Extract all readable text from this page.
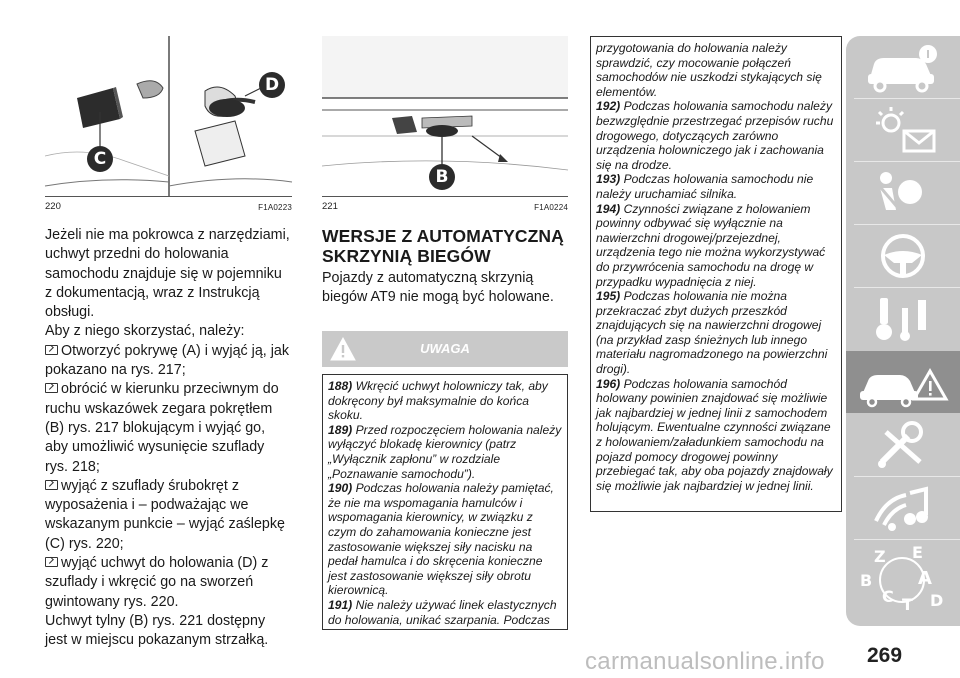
C
D
220	F1A0223
B
221	F1A0224

Jeżeli nie ma pokrowca z narzędziami, uchwyt przedni do holowania samochodu znajduje się w pojemniku z dokumentacją, wraz z Instrukcją obsługi.

Aby z niego skorzystać, należy:

Otworzyć pokrywę (A) i wyjąć ją, jak pokazano na rys. 217;

obrócić w kierunku przeciwnym do ruchu wskazówek zegara pokrętłem (B) rys. 217 blokującym i wyjąć go, aby umożliwić wysunięcie szuflady rys. 218;

wyjąć z szuflady śrubokręt z wyposażenia i – podważając we wskazanym punkcie – wyjąć zaślepkę (C) rys. 220;

wyjąć uchwyt do holowania (D) z szuflady i wkręcić go na sworzeń gwintowany rys. 220.

Uchwyt tylny (B) rys. 221 dostępny jest w miejscu pokazanym strzałką.

WERSJE Z AUTOMATYCZNĄ
SKRZYNIĄ BIEGÓW
Pojazdy z automatyczną skrzynią biegów AT9 nie mogą być holowane.
UWAGA

188) Wkręcić uchwyt holowniczy tak, aby dokręcony był maksymalnie do końca skoku.

189) Przed rozpoczęciem holowania należy wyłączyć blokadę kierownicy (patrz „Wyłącznik zapłonu” w rozdziale „Poznawanie samochodu”).

190) Podczas holowania należy pamiętać, że nie ma wspomagania hamulców i wspomagania kierownicy, w związku z czym do zahamowania konieczne jest zastosowanie większej siły nacisku na pedał hamulca i do skręcenia konieczne jest zastosowanie większej siły obrotu kierownicą.

191) Nie należy używać linek elastycznych do holowania, unikać szarpania. Podczas

przygotowania do holowania należy sprawdzić, czy mocowanie połączeń samochodów nie uszkodzi stykających się elementów.

192) Podczas holowania samochodu należy bezwzględnie przestrzegać przepisów ruchu drogowego, dotyczących zarówno urządzenia holowniczego jak i zachowania się na drodze.

193) Podczas holowania samochodu nie należy uruchamiać silnika.

194) Czynności związane z holowaniem powinny odbywać się wyłącznie na nawierzchni drogowej/przejezdnej, urządzenia tego nie można wykorzystywać do przywrócenia samochodu na drogę w przypadku wypadnięcia z niej.

195) Podczas holowania nie można przekraczać zbyt dużych przeszkód znajdujących się na nawierzchni drogowej (na przykład zasp śnieżnych lub innego materiału nagromadzonego na powierzchni drogi).

196) Podczas holowania samochód holowany powinien znajdować się możliwie jak najbardziej w jednej linii z samochodem holującym. Ewentualne czynności związane z holowaniem/załadunkiem samochodu na pojazd pomocy drogowej powinny przebiegać tak, aby oba pojazdy znajdowały się możliwie jak najbardziej w jednej linii.

Z E
B	A
C T D
carmanualsonline.info 269
